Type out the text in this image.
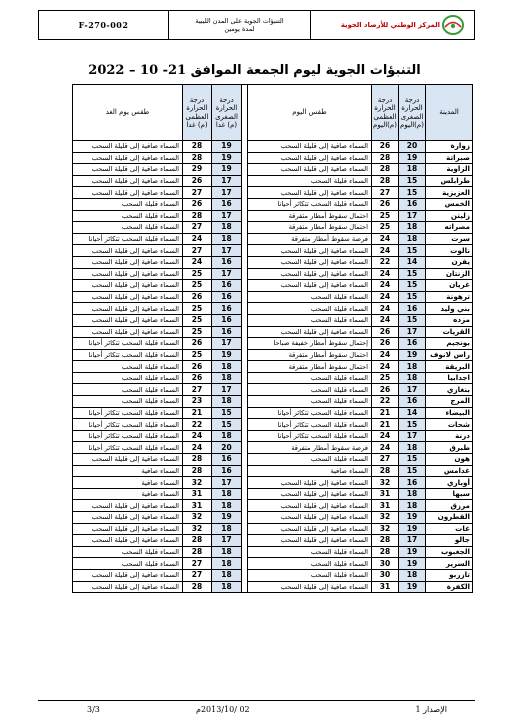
F-270-002	التنبؤات الجوية على المدن الليبية
لمدة يومين	المركز الوطني للأرصاد الجوية
التنبؤات الجوية ليوم الجمعة الموافق 21- 10 – 2022
المدينة	درجة الحرارة الصغرى (م)اليوم	درجة الحرارة العظمى (م)اليوم	طقس اليوم		درجة الحرارة الصغرى (م) غدا	درجة الحرارة العظمى (م) غدا	طقس يوم الغد
زوارة	20	26	السماء صافية إلى قليلة السحب		19	28	السماء صافية إلى قليلة السحب
صبراتة	19	28	السماء صافية إلى قليلة السحب		19	28	السماء صافية إلى قليلة السحب
الزاوية	18	28	السماء صافية إلى قليلة السحب		19	29	السماء صافية إلى قليلة السحب
طرابلس	15	28	السماء قليلة السحب		17	26	السماء صافية إلى قليلة السحب
العزيزية	15	27	السماء صافية إلى قليلة السحب		17	27	السماء صافية إلى قليلة السحب
الخمس	16	26	السماء قليلة السحب تتكاثر أحيانا		16	26	السماء قليلة السحب
زليتن	17	25	احتمال سقوط أمطار متفرقة		17	28	السماء قليلة السحب
مصراته	18	25	احتمال سقوط أمطار متفرقة		18	27	السماء قليلة السحب
سرت	18	24	فرصة سقوط أمطار متفرقة		18	24	السماء قليلة السحب تتكاثر أحيانا
نالوت	15	24	السماء صافية إلى قليلة السحب		17	27	السماء صافية إلى قليلة السحب
يفرن	14	22	السماء صافية إلى قليلة السحب		16	24	السماء صافية إلى قليلة السحب
الزنتان	15	24	السماء صافية إلى قليلة السحب		17	25	السماء صافية إلى قليلة السحب
غريان	15	24	السماء صافية إلى قليلة السحب		16	25	السماء صافية إلى قليلة السحب
ترهونة	15	24	السماء قليلة السحب		16	26	السماء صافية إلى قليلة السحب
بني وليد	16	24	السماء قليلة السحب		16	25	السماء صافية إلى قليلة السحب
مزده	15	24	السماء قليلة السحب		16	25	السماء صافية إلى قليلة السحب
القريات	17	26	السماء صافية إلى قليلة السحب		16	25	السماء صافية إلى قليلة السحب
بونجيم	16	26	إحتمال سقوط أمطار خفيفة صباحا		17	26	السماء قليلة السحب تتكاثر أحيانا
راس لانوف	19	24	احتمال سقوط أمطار متفرقة		19	25	السماء قليلة السحب تتكاثر أحيانا
البريقة	18	24	احتمال سقوط أمطار متفرقة		18	26	السماء قليلة السحب
اجدابيا	18	25	السماء قليلة السحب		18	26	السماء قليلة السحب
بنغازي	17	26	السماء قليلة السحب		17	27	السماء قليلة السحب
المرج	16	22	السماء قليلة السحب		18	23	السماء قليلة السحب
البيضاء	14	21	السماء قليلة السحب تتكاثر أحيانا		15	21	السماء قليلة السحب تتكاثر أحيانا
شحات	15	21	السماء قليلة السحب تتكاثر أحيانا		15	22	السماء قليلة السحب تتكاثر أحيانا
درنة	17	24	السماء قليلة السحب تتكاثر أحيانا		18	24	السماء قليلة السحب تتكاثر أحيانا
طبرق	18	24	فرصة سقوط أمطار متفرقة		20	24	السماء قليلة السحب تتكاثر أحيانا
هون	15	27	السماء قليلة السحب		16	28	السماء صافية إلى قليلة السحب
غدامس	15	28	السماء صافية		16	28	السماء صافية
أوباري	16	32	السماء صافية إلى قليلة السحب		17	32	السماء صافية
سبها	18	31	السماء صافية إلى قليلة السحب		18	31	السماء صافية
مرزق	18	31	السماء صافية إلى قليلة السحب		18	31	السماء صافية إلى قليلة السحب
القطرون	19	32	السماء صافية إلى قليلة السحب		19	32	السماء صافية إلى قليلة السحب
غات	19	32	السماء صافية إلى قليلة السحب		18	32	السماء صافية إلى قليلة السحب
جالو	17	28	السماء صافية إلى قليلة السحب		17	28	السماء صافية إلى قليلة السحب
الجغبوب	19	28	السماء قليلة السحب		18	28	السماء قليلة السحب
السرير	19	30	السماء قليلة السحب		18	27	السماء قليلة السحب
تازربو	18	30	السماء قليلة السحب		18	27	السماء صافية إلى قليلة السحب
الكفرة	19	31	السماء صافية إلى قليلة السحب		18	28	السماء صافية إلى قليلة السحب
الإصدار 1
02 /2013/10م
3/3
